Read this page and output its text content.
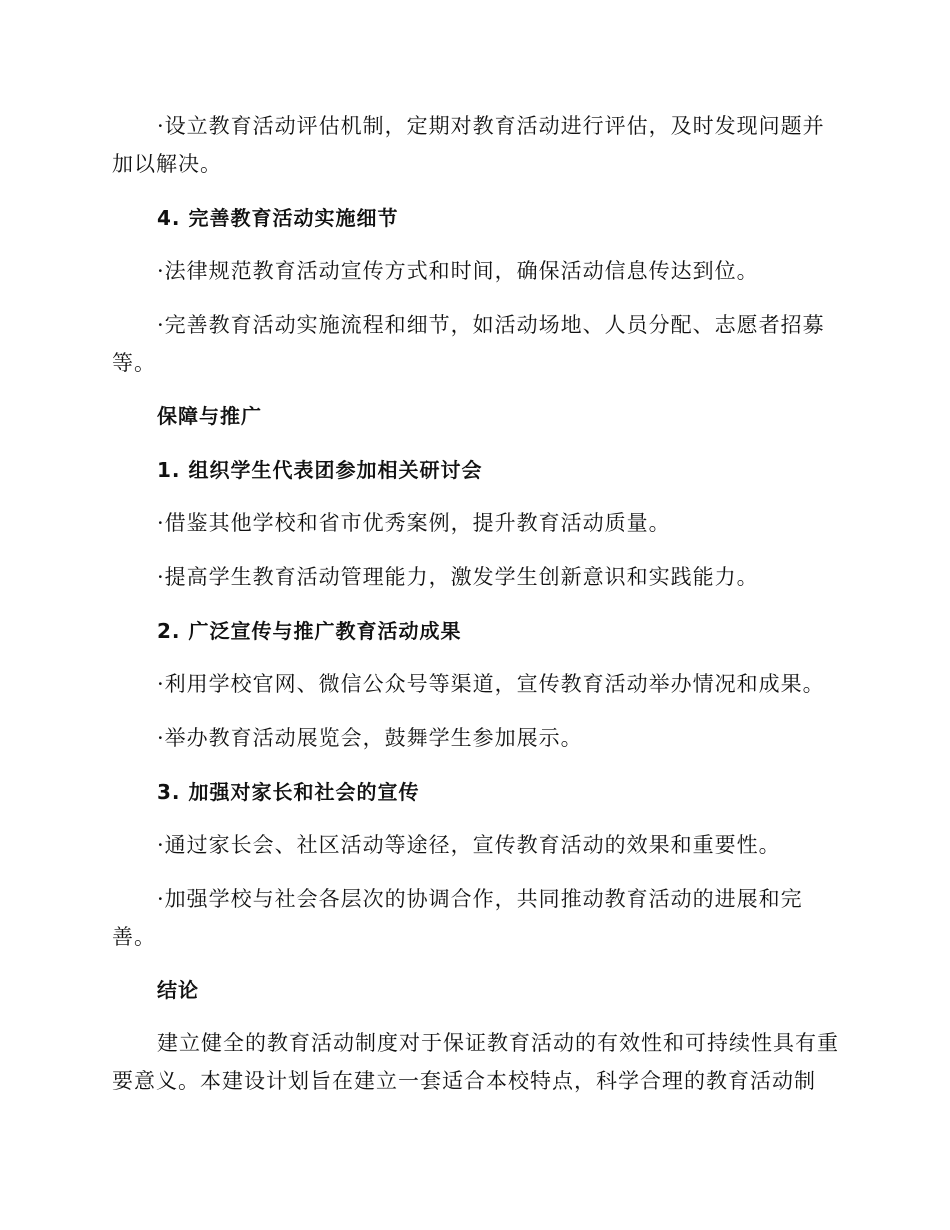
·设立教育活动评估机制，定期对教育活动进行评估，及时发现问题并
加以解决。
4. 完善教育活动实施细节
·法律规范教育活动宣传方式和时间，确保活动信息传达到位。
·完善教育活动实施流程和细节，如活动场地、人员分配、志愿者招募
等。
保障与推广
1. 组织学生代表团参加相关研讨会
·借鉴其他学校和省市优秀案例，提升教育活动质量。
·提高学生教育活动管理能力，激发学生创新意识和实践能力。
2. 广泛宣传与推广教育活动成果
·利用学校官网、微信公众号等渠道，宣传教育活动举办情况和成果。
·举办教育活动展览会，鼓舞学生参加展示。
3. 加强对家长和社会的宣传
·通过家长会、社区活动等途径，宣传教育活动的效果和重要性。
·加强学校与社会各层次的协调合作，共同推动教育活动的进展和完
善。
结论
建立健全的教育活动制度对于保证教育活动的有效性和可持续性具有重
要意义。本建设计划旨在建立一套适合本校特点，科学合理的教育活动制
